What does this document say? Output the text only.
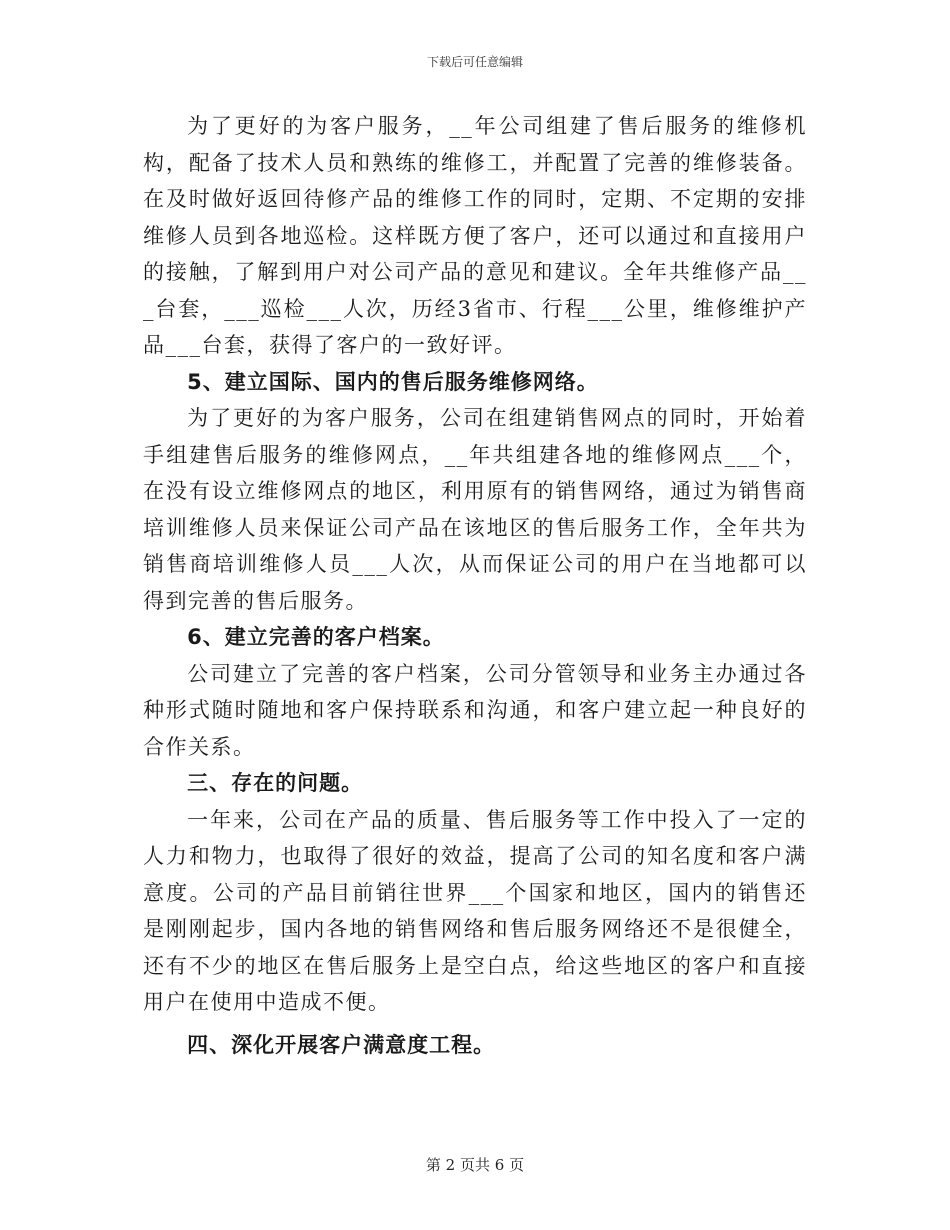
下载后可任意编辑

为了更好的为客户服务，__年公司组建了售后服务的维修机构，配备了技术人员和熟练的维修工，并配置了完善的维修装备。在及时做好返回待修产品的维修工作的同时，定期、不定期的安排维修人员到各地巡检。这样既方便了客户，还可以通过和直接用户的接触，了解到用户对公司产品的意见和建议。全年共维修产品___台套，___巡检___人次，历经3省市、行程___公里，维修维护产品___台套，获得了客户的一致好评。

5、建立国际、国内的售后服务维修网络。

为了更好的为客户服务，公司在组建销售网点的同时，开始着手组建售后服务的维修网点，__年共组建各地的维修网点___个，在没有设立维修网点的地区，利用原有的销售网络，通过为销售商培训维修人员来保证公司产品在该地区的售后服务工作，全年共为销售商培训维修人员___人次，从而保证公司的用户在当地都可以得到完善的售后服务。

6、建立完善的客户档案。

公司建立了完善的客户档案，公司分管领导和业务主办通过各种形式随时随地和客户保持联系和沟通，和客户建立起一种良好的合作关系。

三、存在的问题。

一年来，公司在产品的质量、售后服务等工作中投入了一定的人力和物力，也取得了很好的效益，提高了公司的知名度和客户满意度。公司的产品目前销往世界___个国家和地区，国内的销售还是刚刚起步，国内各地的销售网络和售后服务网络还不是很健全，还有不少的地区在售后服务上是空白点，给这些地区的客户和直接用户在使用中造成不便。

四、深化开展客户满意度工程。

第 2 页共 6 页
